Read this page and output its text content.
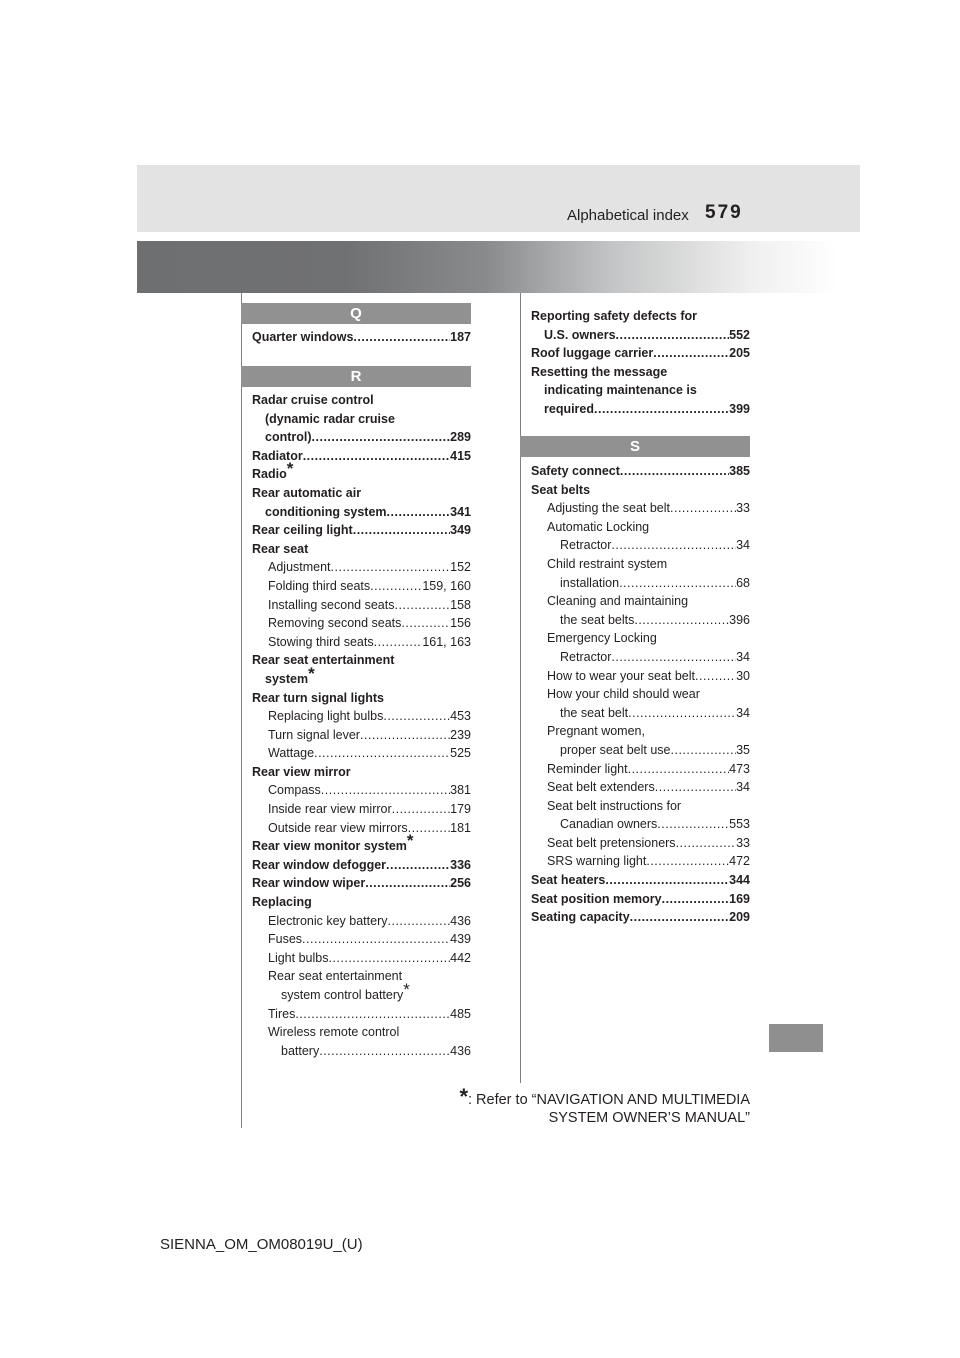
Alphabetical index 579
Q
Quarter windows .....	187
R
Radar cruise control
(dynamic radar cruise
control) .....	289
Radiator .....	415
Radio*
Rear automatic air
conditioning system .....	341
Rear ceiling light .....	349
Rear seat
Adjustment .....	152
Folding third seats .....	159, 160
Installing second seats .....	158
Removing second seats .....	156
Stowing third seats .....	161, 163
Rear seat entertainment
system*
Rear turn signal lights
Replacing light bulbs .....	453
Turn signal lever .....	239
Wattage .....	525
Rear view mirror
Compass .....	381
Inside rear view mirror .....	179
Outside rear view mirrors .....	181
Rear view monitor system*
Rear window defogger .....	336
Rear window wiper .....	256
Replacing
Electronic key battery .....	436
Fuses .....	439
Light bulbs .....	442
Rear seat entertainment
system control battery*
Tires .....	485
Wireless remote control
battery .....	436
Reporting safety defects for
U.S. owners .....	552
Roof luggage carrier .....	205
Resetting the message
indicating maintenance is
required .....	399
S
Safety connect .....	385
Seat belts
Adjusting the seat belt .....	33
Automatic Locking
Retractor .....	34
Child restraint system
installation .....	68
Cleaning and maintaining
the seat belts .....	396
Emergency Locking
Retractor .....	34
How to wear your seat belt .....	30
How your child should wear
the seat belt .....	34
Pregnant women,
proper seat belt use .....	35
Reminder light .....	473
Seat belt extenders .....	34
Seat belt instructions for
Canadian owners .....	553
Seat belt pretensioners .....	33
SRS warning light .....	472
Seat heaters .....	344
Seat position memory .....	169
Seating capacity .....	209
*: Refer to “NAVIGATION AND MULTIMEDIA
SYSTEM OWNER’S MANUAL”
SIENNA_OM_OM08019U_(U)
